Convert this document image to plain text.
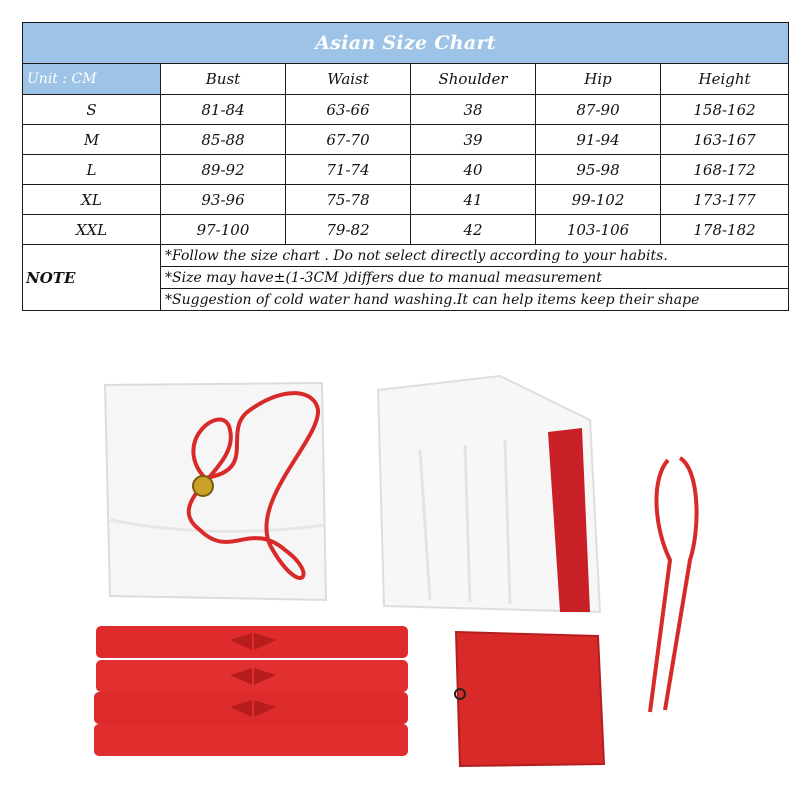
Asian Size Chart					
Unit : CM	Bust	Waist	Shoulder	Hip	Height
S	81-84	63-66	38	87-90	158-162
M	85-88	67-70	39	91-94	163-167
L	89-92	71-74	40	95-98	168-172
XL	93-96	75-78	41	99-102	173-177
XXL	97-100	79-82	42	103-106	178-182
NOTE	*Follow the size chart . Do not select directly according to your habits.				
	*Size may have±(1-3CM )differs due to manual measurement				
	*Suggestion of cold water hand washing.It can help items keep their shape				
